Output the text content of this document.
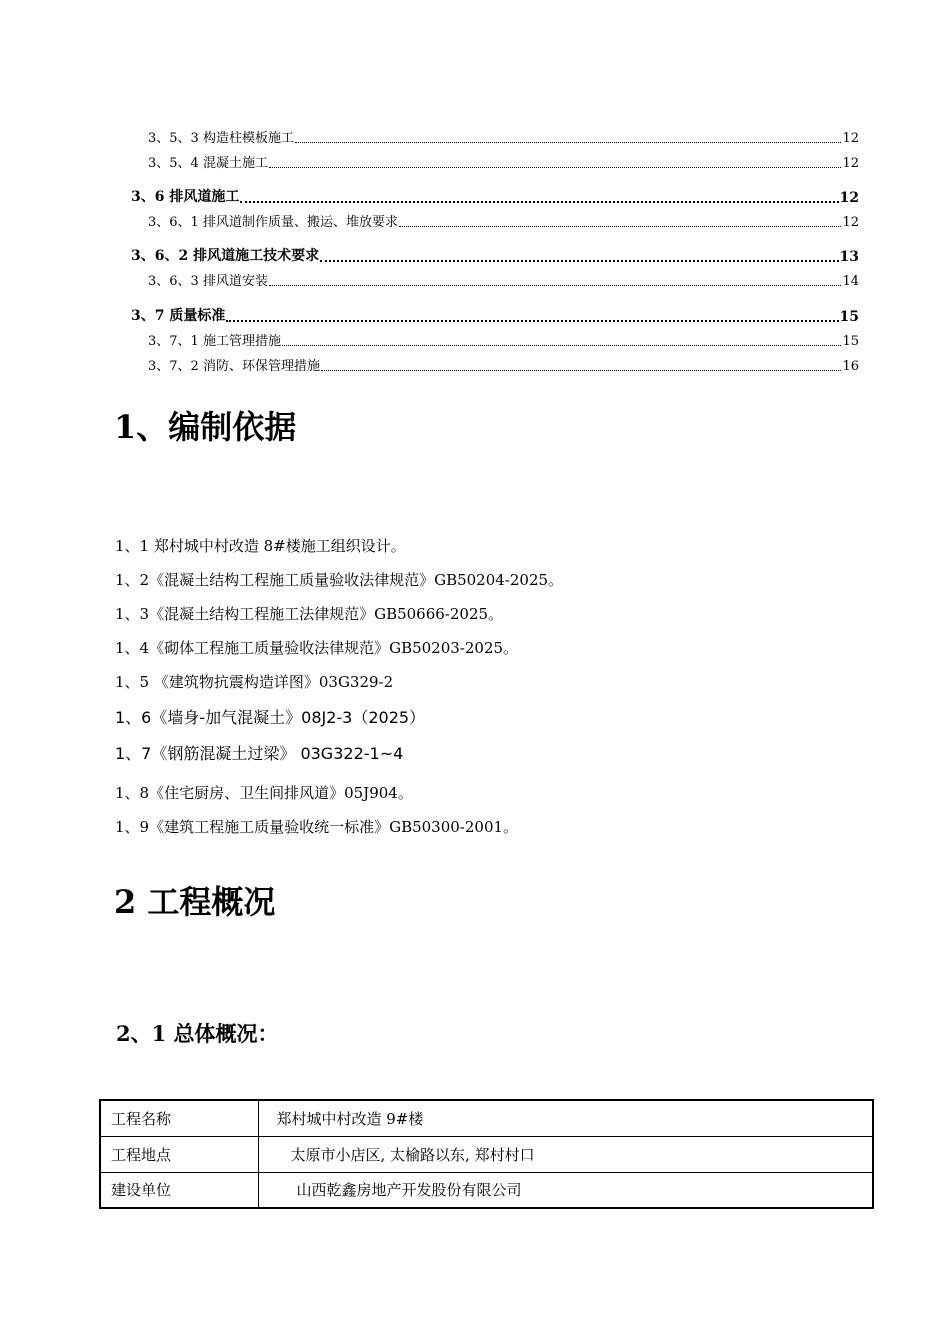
3、5、3 构造柱模板施工	12
3、5、4 混凝土施工	12
3、6 排风道施工	12
3、6、1 排风道制作质量、搬运、堆放要求	12
3、6、2 排风道施工技术要求	13
3、6、3 排风道安装	14
3、7 质量标准	15
3、7、1 施工管理措施	15
3、7、2 消防、环保管理措施	16
1、编制依据
1、1 郑村城中村改造 8#楼施工组织设计。
1、2《混凝土结构工程施工质量验收法律规范》GB50204-2025。
1、3《混凝土结构工程施工法律规范》GB50666-2025。
1、4《砌体工程施工质量验收法律规范》GB50203-2025。
1、5 《建筑物抗震构造详图》03G329-2
1、6《墙身-加气混凝土》08J2-3（2025）
1、7《钢筋混凝土过梁》 03G322-1~4
1、8《住宅厨房、卫生间排风道》05J904。
1、9《建筑工程施工质量验收统一标准》GB50300-2001。
2 工程概况
2、1 总体概况：
工程名称	郑村城中村改造 9#楼
工程地点	太原市小店区, 太榆路以东, 郑村村口
建设单位	山西乾鑫房地产开发股份有限公司
